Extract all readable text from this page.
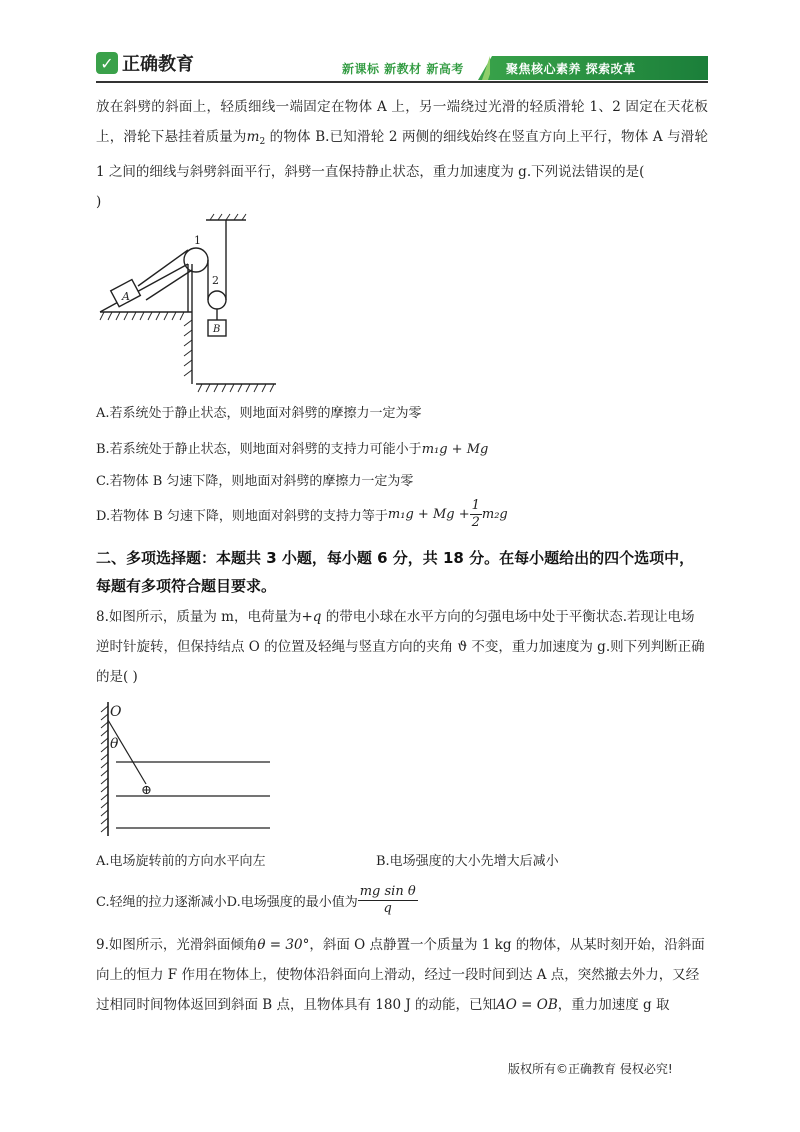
✓ 正确教育	新课标 新教材 新高考	聚焦核心素养 探索改革

放在斜劈的斜面上，轻质细线一端固定在物体 A 上，另一端绕过光滑的轻质滑轮 1、2 固定在天花板上，滑轮下悬挂着质量为$m_2$ 的物体 B.已知滑轮 2 两侧的细线始终在竖直方向上平行，物体 A 与滑轮 1 之间的细线与斜劈斜面平行，斜劈一直保持静止状态，重力加速度为 g.下列说法错误的是(
)

A
B
1
2
A.若系统处于静止状态，则地面对斜劈的摩擦力一定为零
B.若系统处于静止状态，则地面对斜劈的支持力可能小于m₁g + Mg
C.若物体 B 匀速下降，则地面对斜劈的摩擦力一定为零
D.若物体 B 匀速下降，则地面对斜劈的支持力等于 $m_1g + Mg + \frac{1}{2} m_2g$
二、多项选择题：本题共 3 小题，每小题 6 分，共 18 分。在每小题给出的四个选项中，每题有多项符合题目要求。
8.如图所示，质量为 m，电荷量为+q 的带电小球在水平方向的匀强电场中处于平衡状态.若现让电场逆时针旋转，但保持结点 O 的位置及轻绳与竖直方向的夹角 ϑ 不变，重力加速度为 g.则下列判断正确的是( )
O
θ
⊕
A.电场旋转前的方向水平向左	B.电场强度的大小先增大后减小
C.轻绳的拉力逐渐减小 D.电场强度的最小值为 $\frac{\text{mg sin θ}}{q}$
9.如图所示，光滑斜面倾角θ = 30°，斜面 O 点静置一个质量为 1 kg 的物体，从某时刻开始，沿斜面向上的恒力 F 作用在物体上，使物体沿斜面向上滑动，经过一段时间到达 A 点，突然撤去外力，又经过相同时间物体返回到斜面 B 点，且物体具有 180 J 的动能，已知AO = OB，重力加速度 g 取
版权所有©正确教育 侵权必究!
